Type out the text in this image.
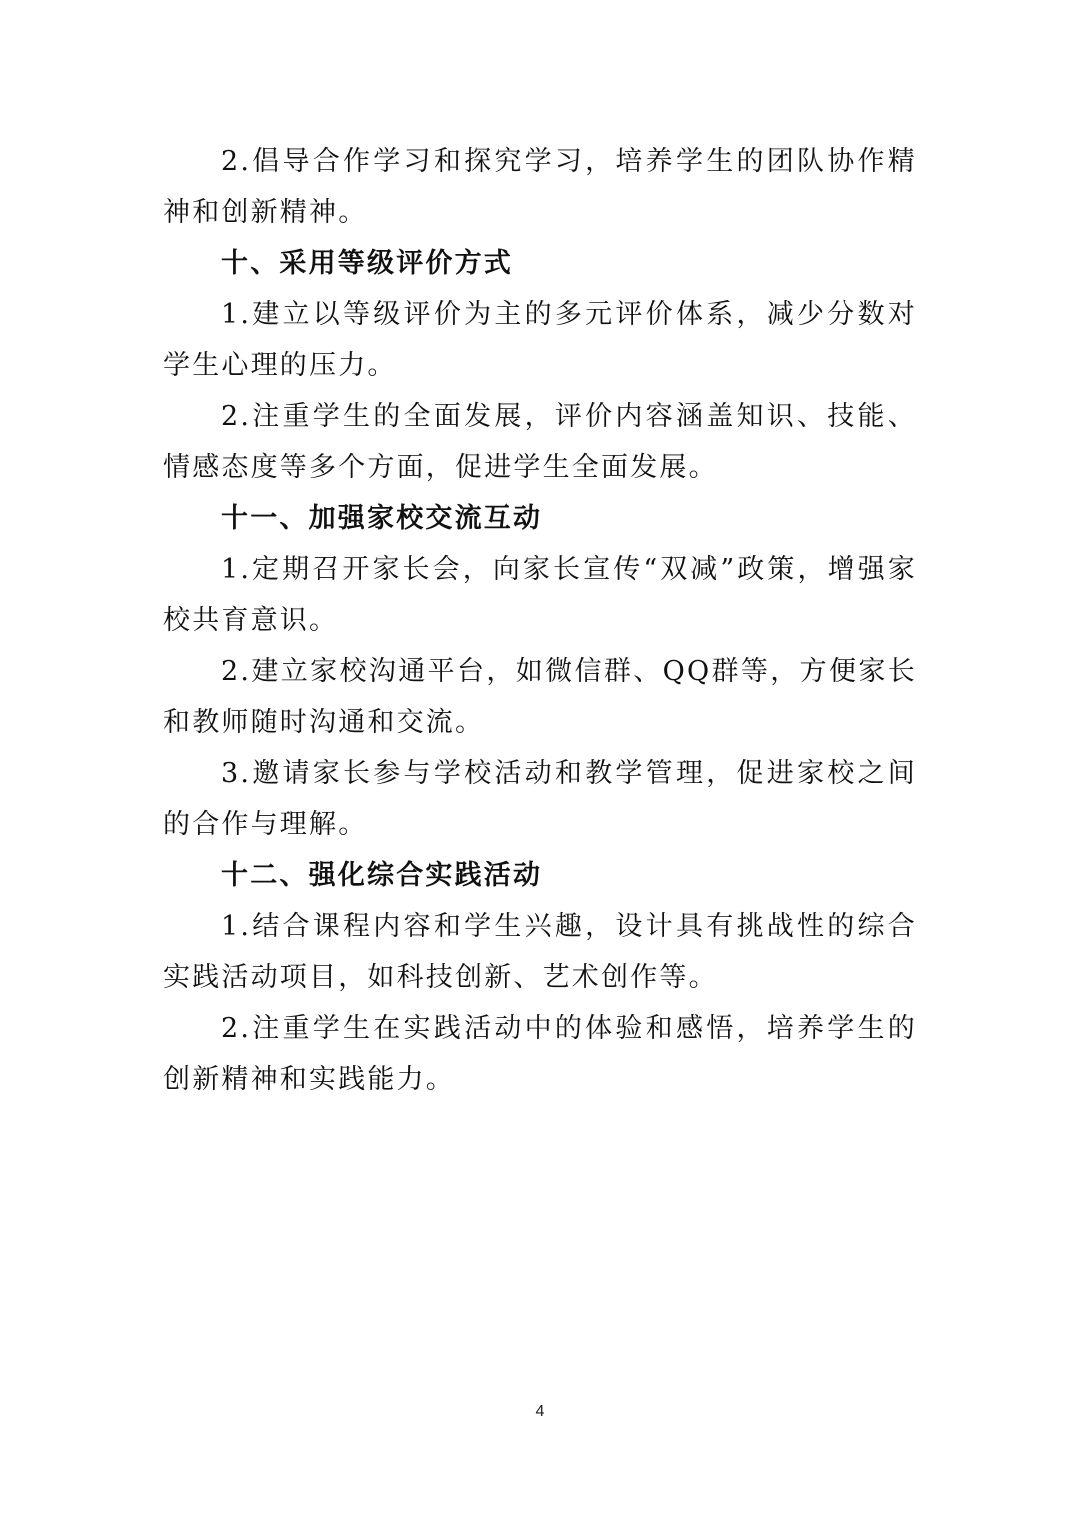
2.倡导合作学习和探究学习，培养学生的团队协作精神和创新精神。

十、采用等级评价方式

1.建立以等级评价为主的多元评价体系，减少分数对学生心理的压力。

2.注重学生的全面发展，评价内容涵盖知识、技能、情感态度等多个方面，促进学生全面发展。

十一、加强家校交流互动

1.定期召开家长会，向家长宣传“双减”政策，增强家校共育意识。

2.建立家校沟通平台，如微信群、QQ群等，方便家长和教师随时沟通和交流。

3.邀请家长参与学校活动和教学管理，促进家校之间的合作与理解。

十二、强化综合实践活动

1.结合课程内容和学生兴趣，设计具有挑战性的综合实践活动项目，如科技创新、艺术创作等。

2.注重学生在实践活动中的体验和感悟，培养学生的创新精神和实践能力。

4
